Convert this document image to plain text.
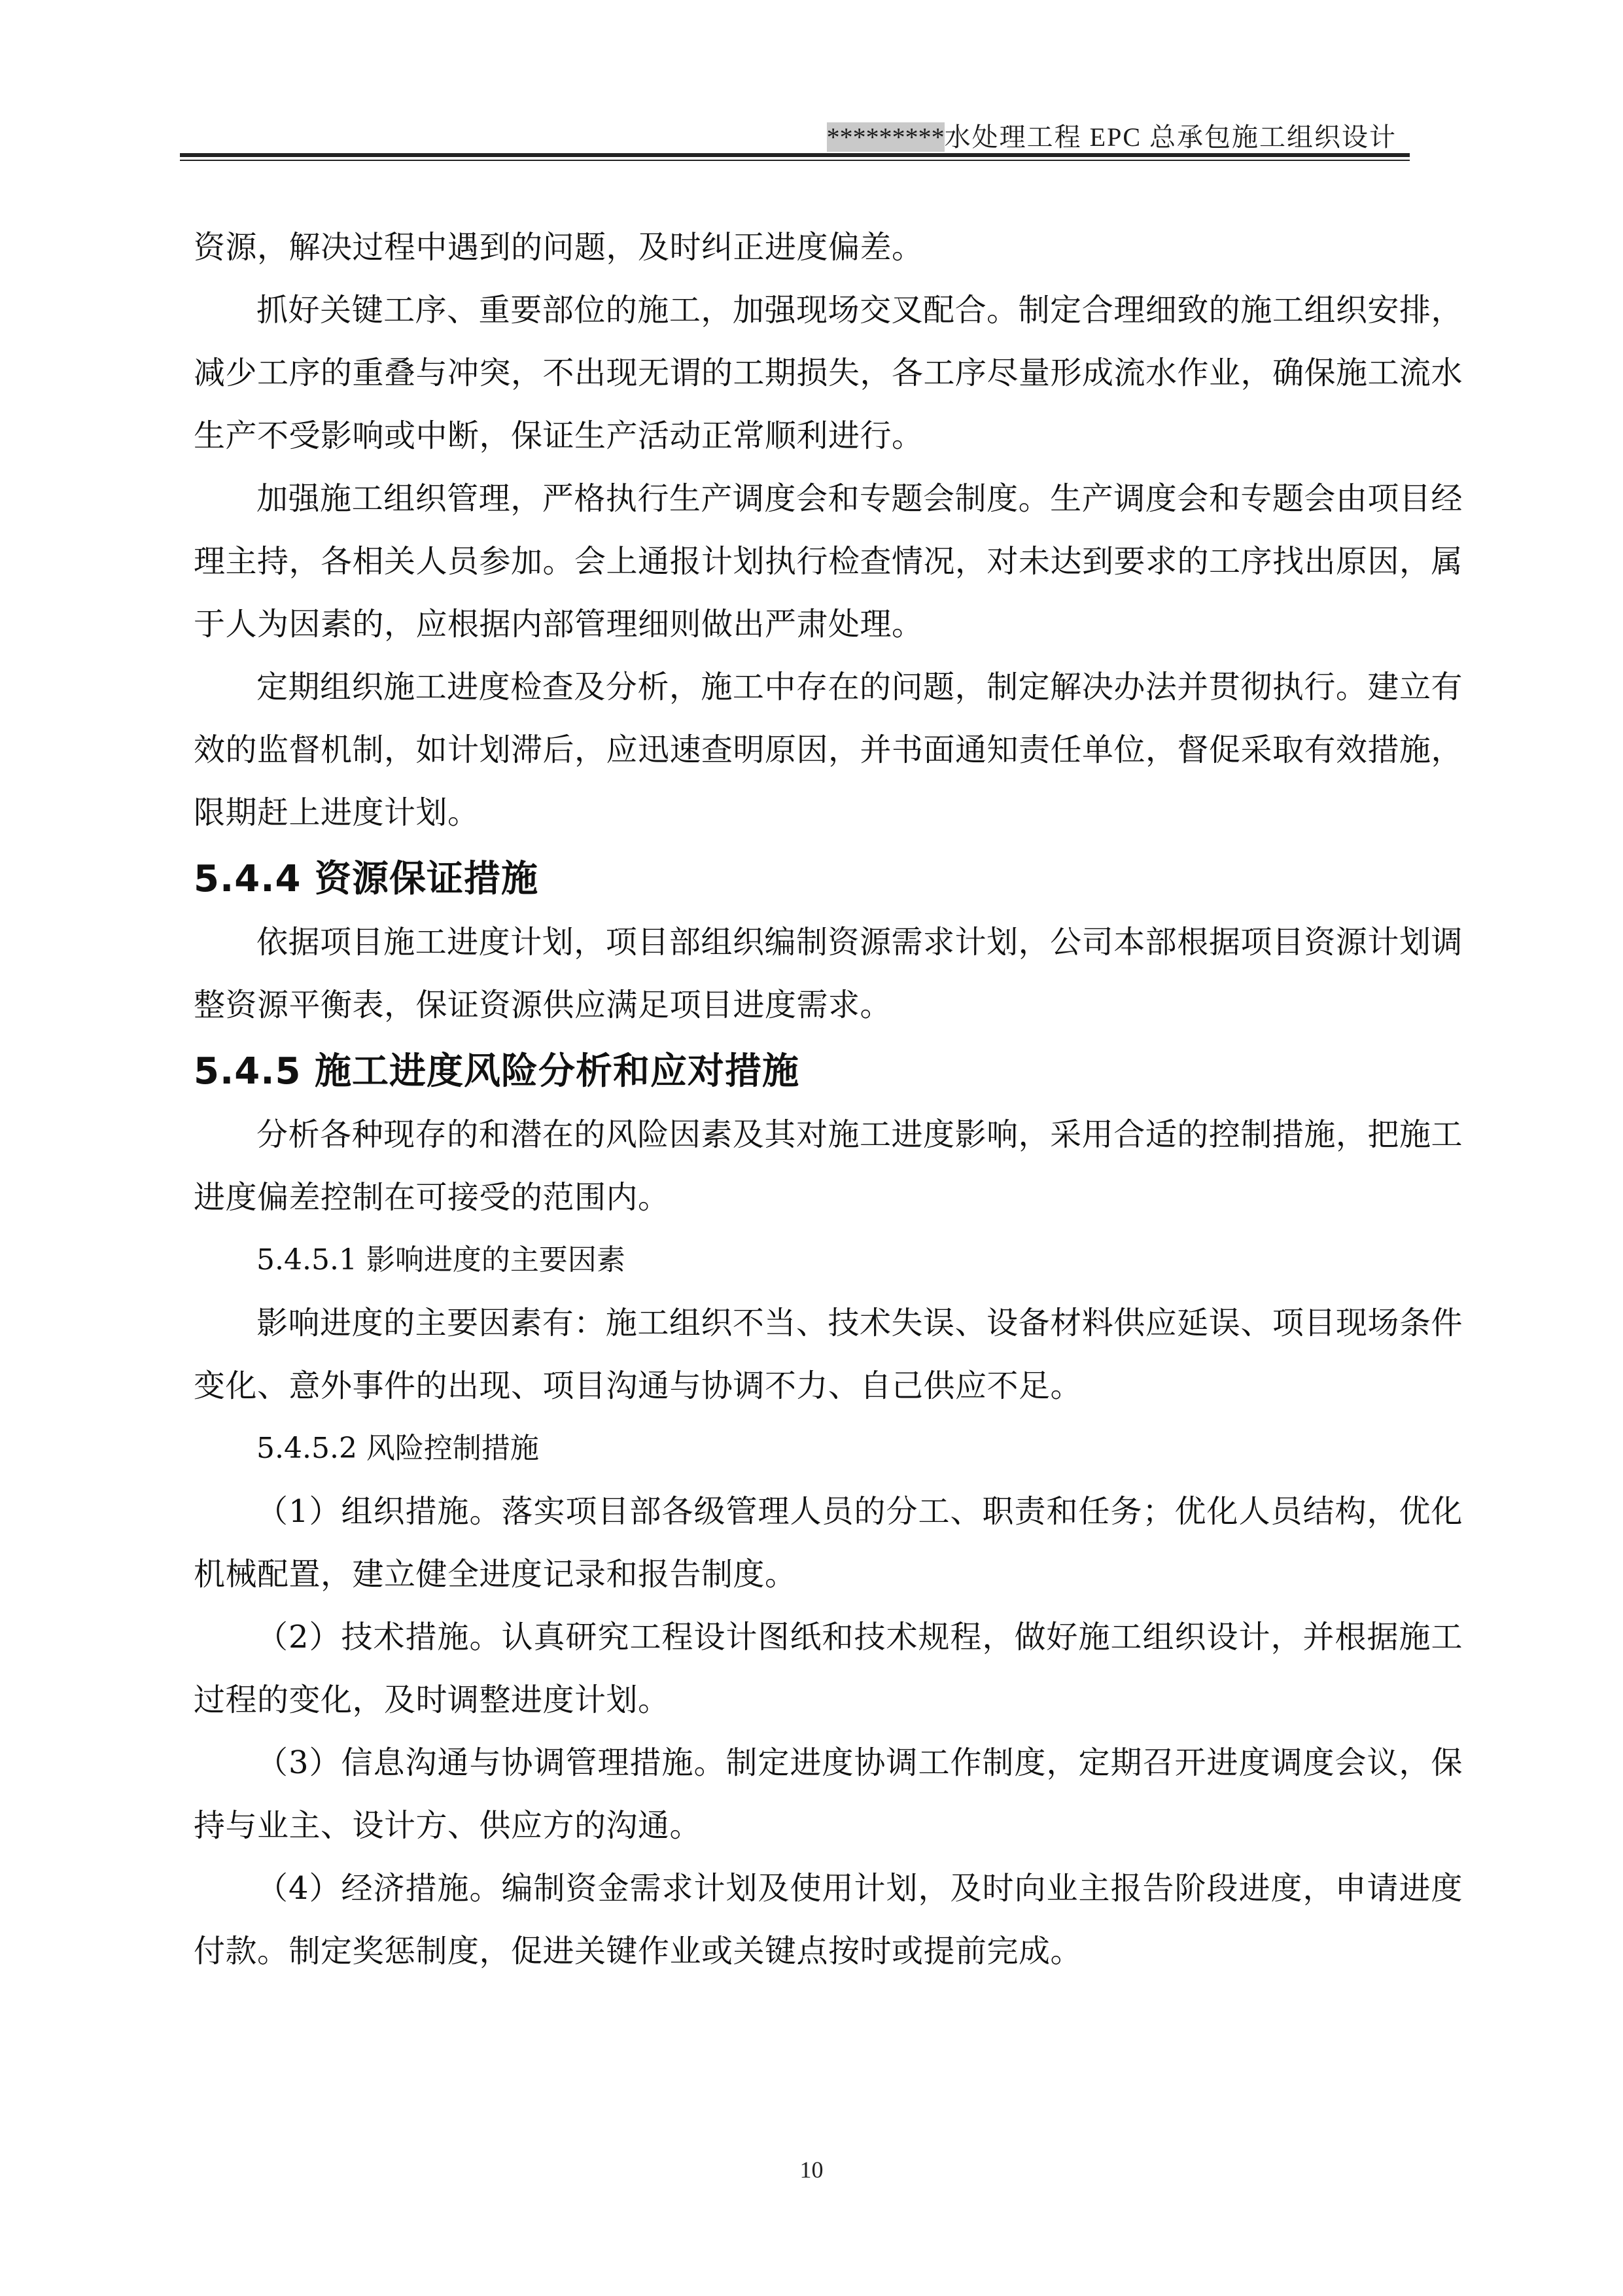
*********水处理工程 EPC 总承包施工组织设计

资源，解决过程中遇到的问题，及时纠正进度偏差。

抓好关键工序、重要部位的施工，加强现场交叉配合。制定合理细致的施工组织安排，减少工序的重叠与冲突，不出现无谓的工期损失，各工序尽量形成流水作业，确保施工流水生产不受影响或中断，保证生产活动正常顺利进行。

加强施工组织管理，严格执行生产调度会和专题会制度。生产调度会和专题会由项目经理主持，各相关人员参加。会上通报计划执行检查情况，对未达到要求的工序找出原因，属于人为因素的，应根据内部管理细则做出严肃处理。

定期组织施工进度检查及分析，施工中存在的问题，制定解决办法并贯彻执行。建立有效的监督机制，如计划滞后，应迅速查明原因，并书面通知责任单位，督促采取有效措施，限期赶上进度计划。

5.4.4 资源保证措施

依据项目施工进度计划，项目部组织编制资源需求计划，公司本部根据项目资源计划调整资源平衡表，保证资源供应满足项目进度需求。

5.4.5 施工进度风险分析和应对措施

分析各种现存的和潜在的风险因素及其对施工进度影响，采用合适的控制措施，把施工进度偏差控制在可接受的范围内。

5.4.5.1 影响进度的主要因素

影响进度的主要因素有：施工组织不当、技术失误、设备材料供应延误、项目现场条件变化、意外事件的出现、项目沟通与协调不力、自己供应不足。

5.4.5.2 风险控制措施

（1）组织措施。落实项目部各级管理人员的分工、职责和任务；优化人员结构，优化机械配置，建立健全进度记录和报告制度。

（2）技术措施。认真研究工程设计图纸和技术规程，做好施工组织设计，并根据施工过程的变化，及时调整进度计划。

（3）信息沟通与协调管理措施。制定进度协调工作制度，定期召开进度调度会议，保持与业主、设计方、供应方的沟通。

（4）经济措施。编制资金需求计划及使用计划，及时向业主报告阶段进度，申请进度付款。制定奖惩制度，促进关键作业或关键点按时或提前完成。

10
